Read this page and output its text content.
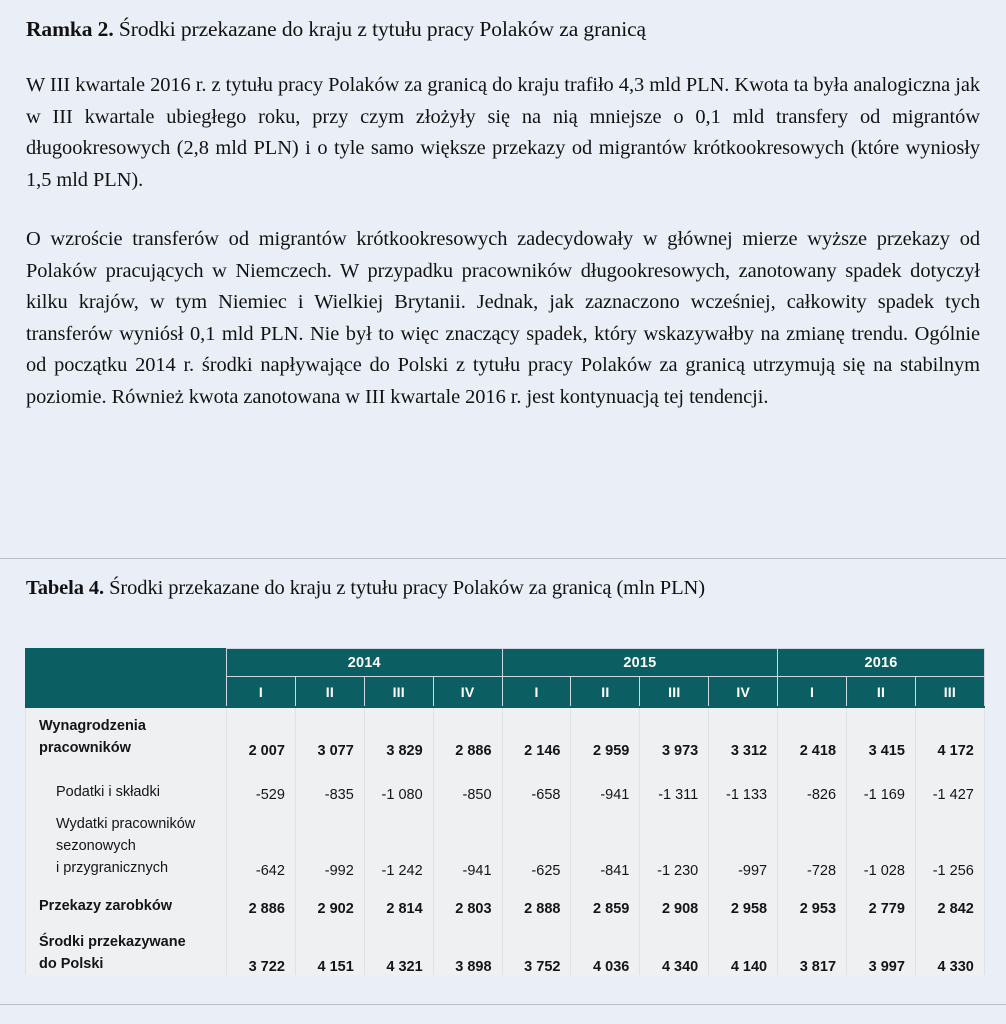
Ramka 2. Środki przekazane do kraju z tytułu pracy Polaków za granicą

W III kwartale 2016 r. z tytułu pracy Polaków za granicą do kraju trafiło 4,3 mld PLN. Kwota ta była analogiczna jak w III kwartale ubiegłego roku, przy czym złożyły się na nią mniejsze o 0,1 mld transfery od migrantów długookresowych (2,8 mld PLN) i o tyle samo większe przekazy od migrantów krótkookresowych (które wyniosły 1,5 mld PLN).

O wzroście transferów od migrantów krótkookresowych zadecydowały w głównej mierze wyższe przekazy od Polaków pracujących w Niemczech. W przypadku pracowników długookresowych, zanotowany spadek dotyczył kilku krajów, w tym Niemiec i Wielkiej Brytanii. Jednak, jak zaznaczono wcześniej, całkowity spadek tych transferów wyniósł 0,1 mld PLN. Nie był to więc znaczący spadek, który wskazywałby na zmianę trendu. Ogólnie od początku 2014 r. środki napływające do Polski z tytułu pracy Polaków za granicą utrzymują się na stabilnym poziomie. Również kwota zanotowana w III kwartale 2016 r. jest kontynuacją tej tendencji.

Tabela 4. Środki przekazane do kraju z tytułu pracy Polaków za granicą (mln PLN)
	2014				2015				2016		
	I	II	III	IV	I	II	III	IV	I	II	III

Wynagrodzenia
pracowników	2 007	3 077	3 829	2 886	2 146	2 959	3 973	3 312	2 418	3 415	4 172

Podatki i składki	-529	-835	-1 080	-850	-658	-941	-1 311	-1 133	-826	-1 169	-1 427

Wydatki pracowników
sezonowych
i przygranicznych	-642	-992	-1 242	-941	-625	-841	-1 230	-997	-728	-1 028	-1 256

Przekazy zarobków	2 886	2 902	2 814	2 803	2 888	2 859	2 908	2 958	2 953	2 779	2 842

Środki przekazywane
do Polski	3 722	4 151	4 321	3 898	3 752	4 036	4 340	4 140	3 817	3 997	4 330
